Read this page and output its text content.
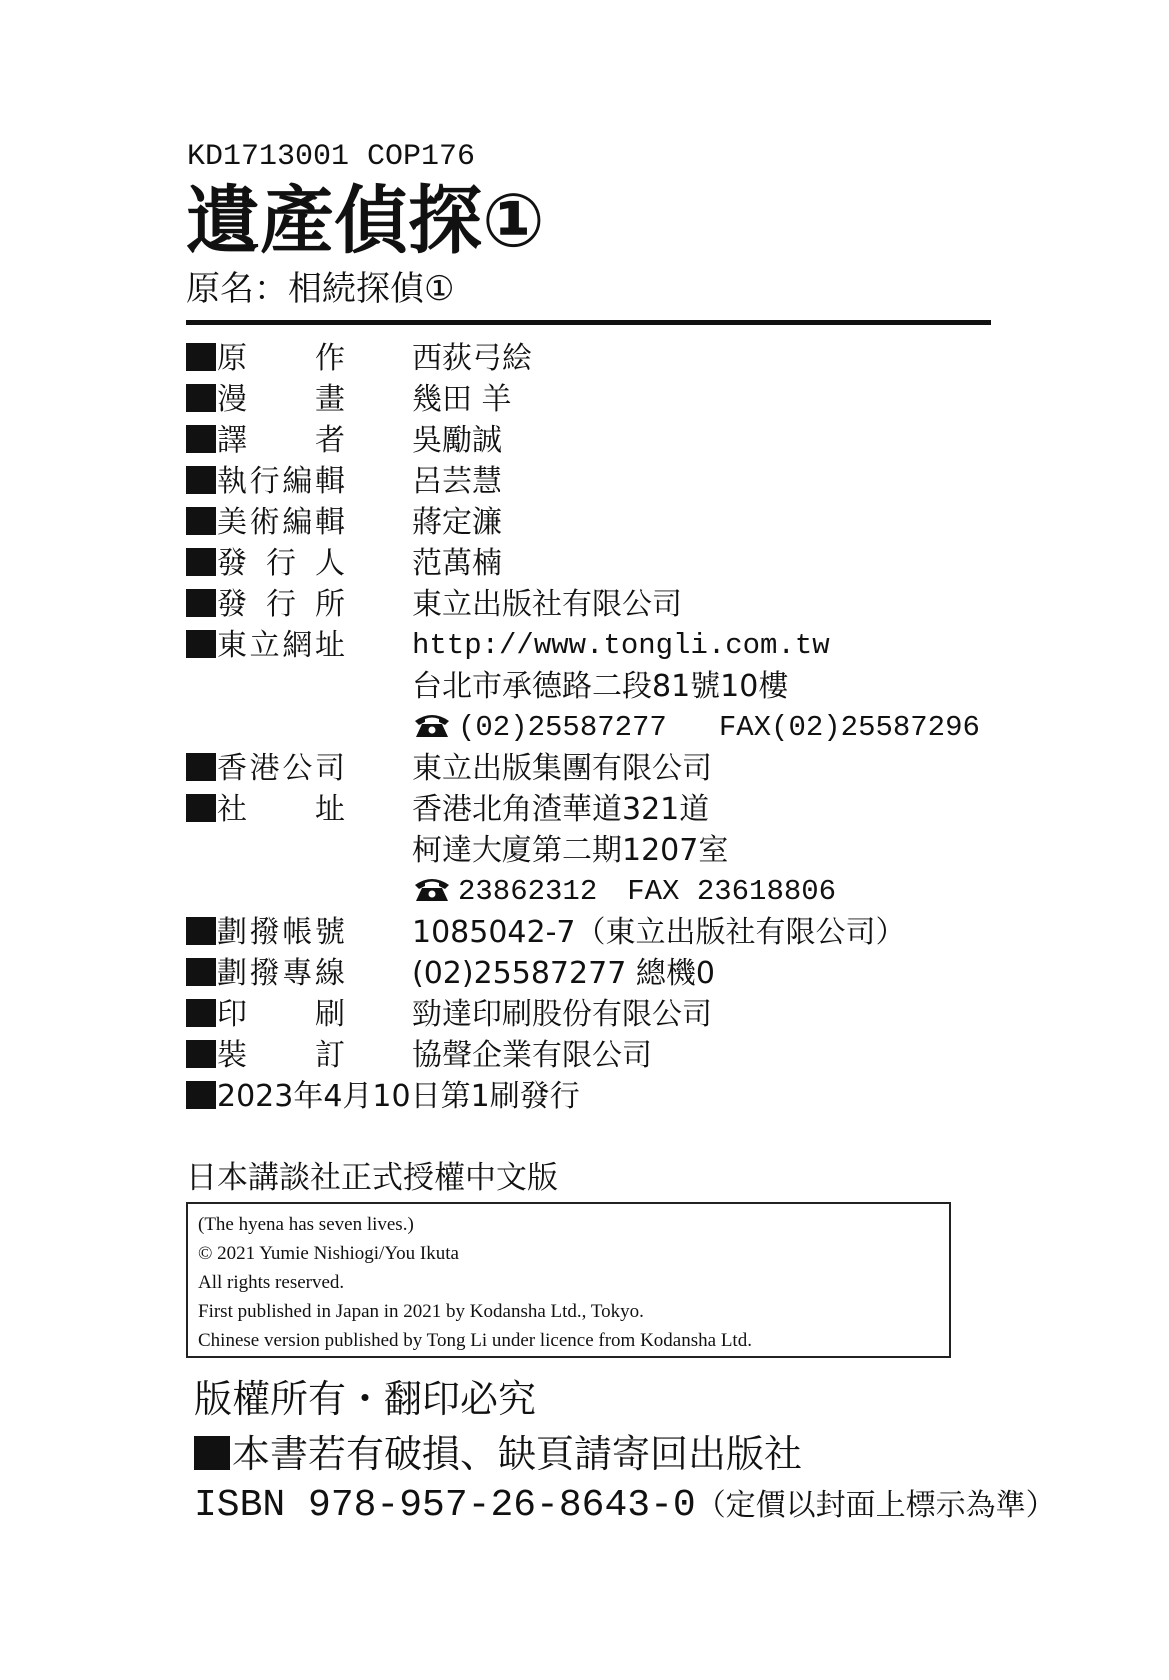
KD1713001 COP176
遺產偵探①
原名：相続探偵①
原 作	西荻弓絵
漫 畫	幾田 羊
譯 者	吳勵誠
執行編輯	呂芸慧
美術編輯	蔣定濂
發行人	范萬楠
發行所	東立出版社有限公司
東立網址	http://www.tongli.com.tw
台北市承德路二段81號10樓
(02)25587277 FAX(02)25587296
香港公司	東立出版集團有限公司
社 址	香港北角渣華道321道
柯達大廈第二期1207室
23862312 FAX 23618806
劃撥帳號	1085042-7（東立出版社有限公司）
劃撥專線	(02)25587277 總機0
印 刷	勁達印刷股份有限公司
裝 訂	協聲企業有限公司
2023年4月10日第1刷發行
日本講談社正式授權中文版
(The hyena has seven lives.)
© 2021 Yumie Nishiogi/You Ikuta
All rights reserved.
First published in Japan in 2021 by Kodansha Ltd., Tokyo.
Chinese version published by Tong Li under licence from Kodansha Ltd.
版權所有・翻印必究
本書若有破損、缺頁請寄回出版社
ISBN 978-957-26-8643-0（定價以封面上標示為準）
